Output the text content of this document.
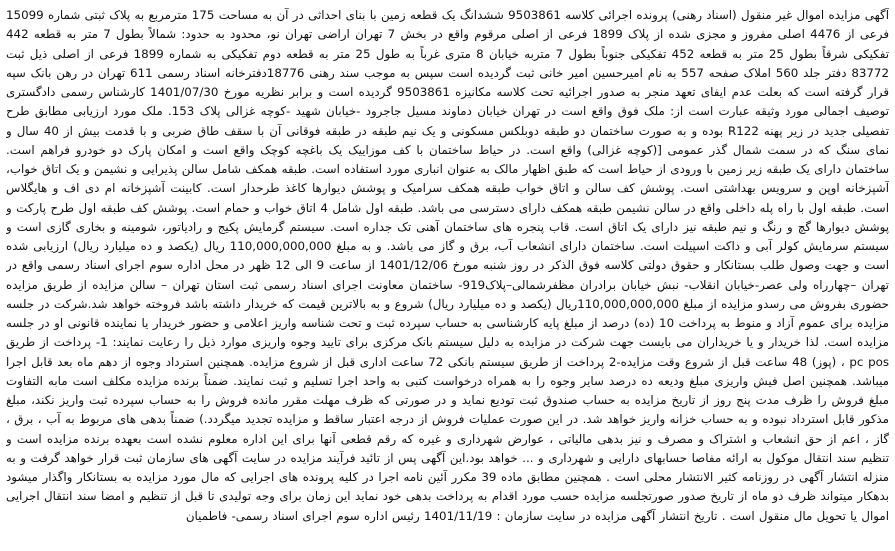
آگهی مزایده اموال غیر منقول (اسناد رهنی) پرونده اجرائی کلاسه 9503861 ششدانگ یک قطعه زمین با بنای احداثی در آن به مساحت 175 مترمربع به پلاک ثبتی شماره 15099 فرعی از 4476 اصلی مفروز و مجزی شده از پلاک 1899 فرعی از اصلی مرقوم واقع در بخش 7 تهران اراضی تهران نو، محدود به حدود: شمالاً بطول 7 متر به قطعه 442 تفکیکی شرقاً بطول 25 متر به قطعه 452 تفکیکی جنوباً بطول 7 متربه خیابان 8 متری غرباً به طول 25 متر به قطعه دوم تفکیکی به شماره 1899 فرعی از اصلی ذیل ثبت 83772 دفتر جلد 560 املاک صفحه 557 به نام امیرحسین امیر خانی ثبت گردیده است سپس به موجب سند رهنی 18776دفترخانه اسناد رسمی 611 تهران در رهن بانک سپه قرار گرفته است که بعلت عدم ایفای تعهد منجر به صدور اجرائیه تحت کلاسه مکانیزه 9503861 گردیده است و برابر نظریه مورخ 1401/07/30 کارشناس رسمی دادگستری توصیف اجمالی مورد وثیقه عبارت است از: ملک فوق واقع است در تهران خیابان دماوند مسیل جاجرود -خیابان شهید -کوچه غزالی پلاک 153. ملک مورد ارزیابی مطابق طرح تفصیلی جدید در زیر پهنه R122 بوده و به صورت ساختمان دو طبقه دوبلکس مسکونی و یک نیم طبقه در طبقه فوقانی آن با سقف طاق ضربی و با قدمت بیش از 40 سال و نمای سنگ که در سمت شمال گذر عمومی [(کوچه غزالی) واقع است. در حیاط ساختمان با کف موزاییک یک باغچه کوچک واقع است و امکان پارک دو خودرو فراهم است. ساختمان دارای یک طبقه زیر زمین با ورودی از حیاط است که طبق اظهار مالک به عنوان انباری مورد استفاده است. طبقه همکف شامل سالن پذیرایی و نشیمن و یک اتاق خواب، آشپزخانه اوپن و سرویس بهداشتی است. پوشش کف سالن و اتاق خواب طبقه همکف سرامیک و پوشش دیوارها کاغذ طرحدار است. کابینت آشپزخانه ام دی اف و هایگلاس است. طبقه اول با راه پله داخلی واقع در سالن نشیمن طبقه همکف دارای دسترسی می باشد. طبقه اول شامل 4 اتاق خواب و حمام است. پوشش کف طبقه اول طرح پارکت و پوشش دیوارها گچ و رنگ و نیم طبقه نیز دارای یک اتاق است. قاب پنجره های ساختمان آهنی تک جداره است. سیستم گرمایش پکیج و رادیاتور، شومینه و بخاری گازی است و سیستم سرمایش کولر آبی و داکت اسپیلت است. ساختمان دارای انشعاب آب، برق و گاز می باشد. و به مبلغ 110,000,000,000 ریال (یکصد و ده میلیارد ریال) ارزیابی شده است و جهت وصول طلب بستانکار و حقوق دولتی کلاسه فوق الذکر در روز شنبه مورخ 1401/12/06 از ساعت 9 الی 12 ظهر در محل اداره سوم اجرای اسناد رسمی واقع در تهران –چهارراه ولی عصر-خیابان انقلاب- نبش خیابان برادران مظفرشمالی–پلاک919- ساختمان معاونت اجرای اسناد رسمی ثبت استان تهران – سالن مزایده از طریق مزایده حضوری بفروش می رسدو مزایده از مبلغ 110,000,000,000ریال (یکصد و ده میلیارد ریال) شروع و به بالاترین قیمت که خریدار داشته باشد فروخته خواهد شد.شرکت در جلسه مزایده برای عموم آزاد و منوط به پرداخت 10 (ده) درصد از مبلغ پایه کارشناسی به حساب سپرده ثبت و تحت شناسه واریز اعلامی و حضور خریدار یا نماینده قانونی او در جلسه مزایده است. لذا خریدار و یا خریداران می بایست جهت شرکت در مزایده به دلیل سیستم بانک مرکزی برای تایید وجوه واریزی موارد ذیل را رعایت نمایند: 1- پرداخت از طریق pc pos ، (پوز) 48 ساعت قبل از شروع وقت مزایده-2 پرداخت از طریق سیستم بانکی 72 ساعت اداری قبل از شروع مزایده. همچنین استرداد وجوه از دهم ماه بعد قابل اجرا میباشد. همچنین اصل فیش واریزی مبلغ ودیعه ده درصد سایر وجوه را به همراه درخواست کتبی به واحد اجرا تسلیم و ثبت نمایند. ضمناً برنده مزایده مکلف است مابه التفاوت مبلغ فروش را ظرف مدت پنج روز از تاریخ مزایده به حساب صندوق ثبت تودیع نماید و در صورتی که ظرف مهلت مقرر مانده فروش را به حساب سپرده ثبت واریز نکند، مبلغ مذکور قابل استرداد نبوده و به حساب خزانه واریز خواهد شد. در این صورت عملیات فروش از درجه اعتبار ساقط و مزایده تجدید میگردد.) ضمناً بدهی های مربوط به آب ، برق ، گاز ، اعم از حق انشعاب و اشتراک و مصرف و نیز بدهی مالیاتی ، عوارض شهرداری و غیره که رقم قطعی آنها برای این اداره معلوم نشده است بعهده برنده مزایده است و تنظیم سند انتقال موکول به ارائه مفاصا حسابهای دارایی و شهرداری و ... خواهد بود.این آگهی پس از تائید فرآیند مزایده در سایت آگهی های سازمان ثبت قرار خواهد گرفت و به منزله انتشار آگهی در روزنامه کثیر الانتشار محلی است . همچنین مطابق ماده 39 مکرر آئین نامه اجرا در کلیه پرونده های اجرایی که مال مورد مزایده به بستانکار واگذار میشود بدهکار میتواند ظرف دو ماه از تاریخ صدور صورتجلسه مزایده حسب مورد اقدام به پرداخت بدهی خود نماید این زمان برای وجه تولیدی تا قبل از تنظیم و امضا سند انتقال اجرایی اموال یا تحویل مال منقول است . تاریخ انتشار آگهی مزایده در سایت سازمان : 1401/11/19 رئیس اداره سوم اجرای اسناد رسمی- فاطمیان
